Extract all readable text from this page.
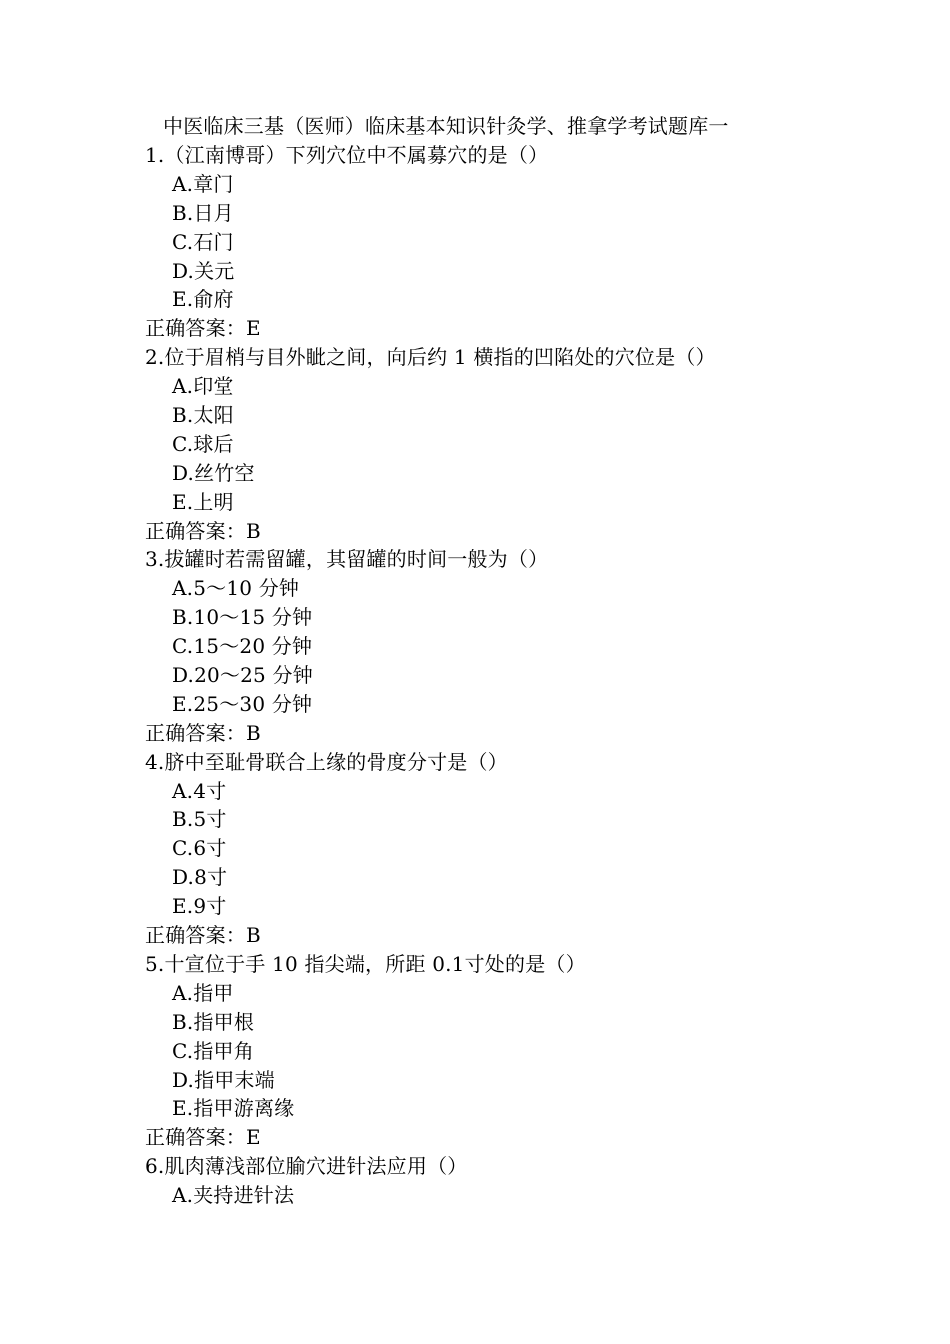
中医临床三基（医师）临床基本知识针灸学、推拿学考试题库一
1.（江南博哥）下列穴位中不属募穴的是（）
A.章门
B.日月
C.石门
D.关元
E.俞府
正确答案：E
2.位于眉梢与目外眦之间，向后约 1 横指的凹陷处的穴位是（）
A.印堂
B.太阳
C.球后
D.丝竹空
E.上明
正确答案：B
3.拔罐时若需留罐，其留罐的时间一般为（）
A.5～10 分钟
B.10～15 分钟
C.15～20 分钟
D.20～25 分钟
E.25～30 分钟
正确答案：B
4.脐中至耻骨联合上缘的骨度分寸是（）
A.4寸
B.5寸
C.6寸
D.8寸
E.9寸
正确答案：B
5.十宣位于手 10 指尖端，所距 0.1寸处的是（）
A.指甲
B.指甲根
C.指甲角
D.指甲末端
E.指甲游离缘
正确答案：E
6.肌肉薄浅部位腧穴进针法应用（）
A.夹持进针法
